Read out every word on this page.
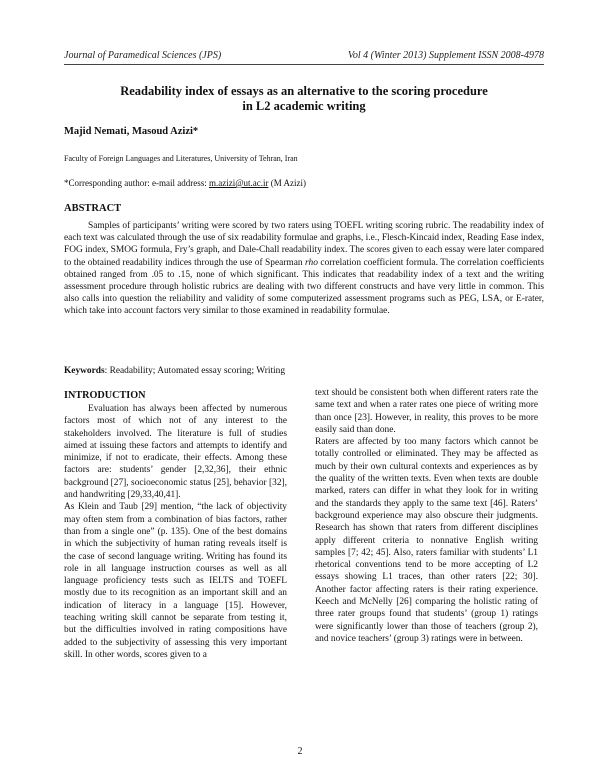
Journal of Paramedical Sciences (JPS)	Vol 4 (Winter 2013) Supplement ISSN 2008-4978
Readability index of essays as an alternative to the scoring procedure
in L2 academic writing
Majid Nemati, Masoud Azizi*
Faculty of Foreign Languages and Literatures, University of Tehran, Iran
*Corresponding author: e-mail address: m.azizi@ut.ac.ir (M Azizi)
ABSTRACT

Samples of participants’ writing were scored by two raters using TOEFL writing scoring rubric. The readability index of each text was calculated through the use of six readability formulae and graphs, i.e., Flesch-Kincaid index, Reading Ease index, FOG index, SMOG formula, Fry’s graph, and Dale-Chall readability index. The scores given to each essay were later compared to the obtained readability indices through the use of Spearman rho correlation coefficient formula. The correlation coefficients obtained ranged from .05 to .15, none of which significant. This indicates that readability index of a text and the writing assessment procedure through holistic rubrics are dealing with two different constructs and have very little in common. This also calls into question the reliability and validity of some computerized assessment programs such as PEG, LSA, or E-rater, which take into account factors very similar to those examined in readability formulae.

Keywords: Readability; Automated essay scoring; Writing
INTRODUCTION

Evaluation has always been affected by numerous factors most of which not of any interest to the stakeholders involved. The literature is full of studies aimed at issuing these factors and attempts to identify and minimize, if not to eradicate, their effects. Among these factors are: students’ gender [2,32,36], their ethnic background [27], socioeconomic status [25], behavior [32], and handwriting [29,33,40,41].

As Klein and Taub [29] mention, “the lack of objectivity may often stem from a combination of bias factors, rather than from a single one” (p. 135). One of the best domains in which the subjectivity of human rating reveals itself is the case of second language writing. Writing has found its role in all language instruction courses as well as all language proficiency tests such as IELTS and TOEFL mostly due to its recognition as an important skill and an indication of literacy in a language [15]. However, teaching writing skill cannot be separate from testing it, but the difficulties involved in rating compositions have added to the subjectivity of assessing this very important skill. In other words, scores given to a

text should be consistent both when different raters rate the same text and when a rater rates one piece of writing more than once [23]. However, in reality, this proves to be more easily said than done.

Raters are affected by too many factors which cannot be totally controlled or eliminated. They may be affected as much by their own cultural contexts and experiences as by the quality of the written texts. Even when texts are double marked, raters can differ in what they look for in writing and the standards they apply to the same text [46]. Raters’ background experience may also obscure their judgments. Research has shown that raters from different disciplines apply different criteria to nonnative English writing samples [7; 42; 45]. Also, raters familiar with students’ L1 rhetorical conventions tend to be more accepting of L2 essays showing L1 traces, than other raters [22; 30]. Another factor affecting raters is their rating experience. Keech and McNelly [26] comparing the holistic rating of three rater groups found that students’ (group 1) ratings were significantly lower than those of teachers (group 2), and novice teachers’ (group 3) ratings were in between.

2
